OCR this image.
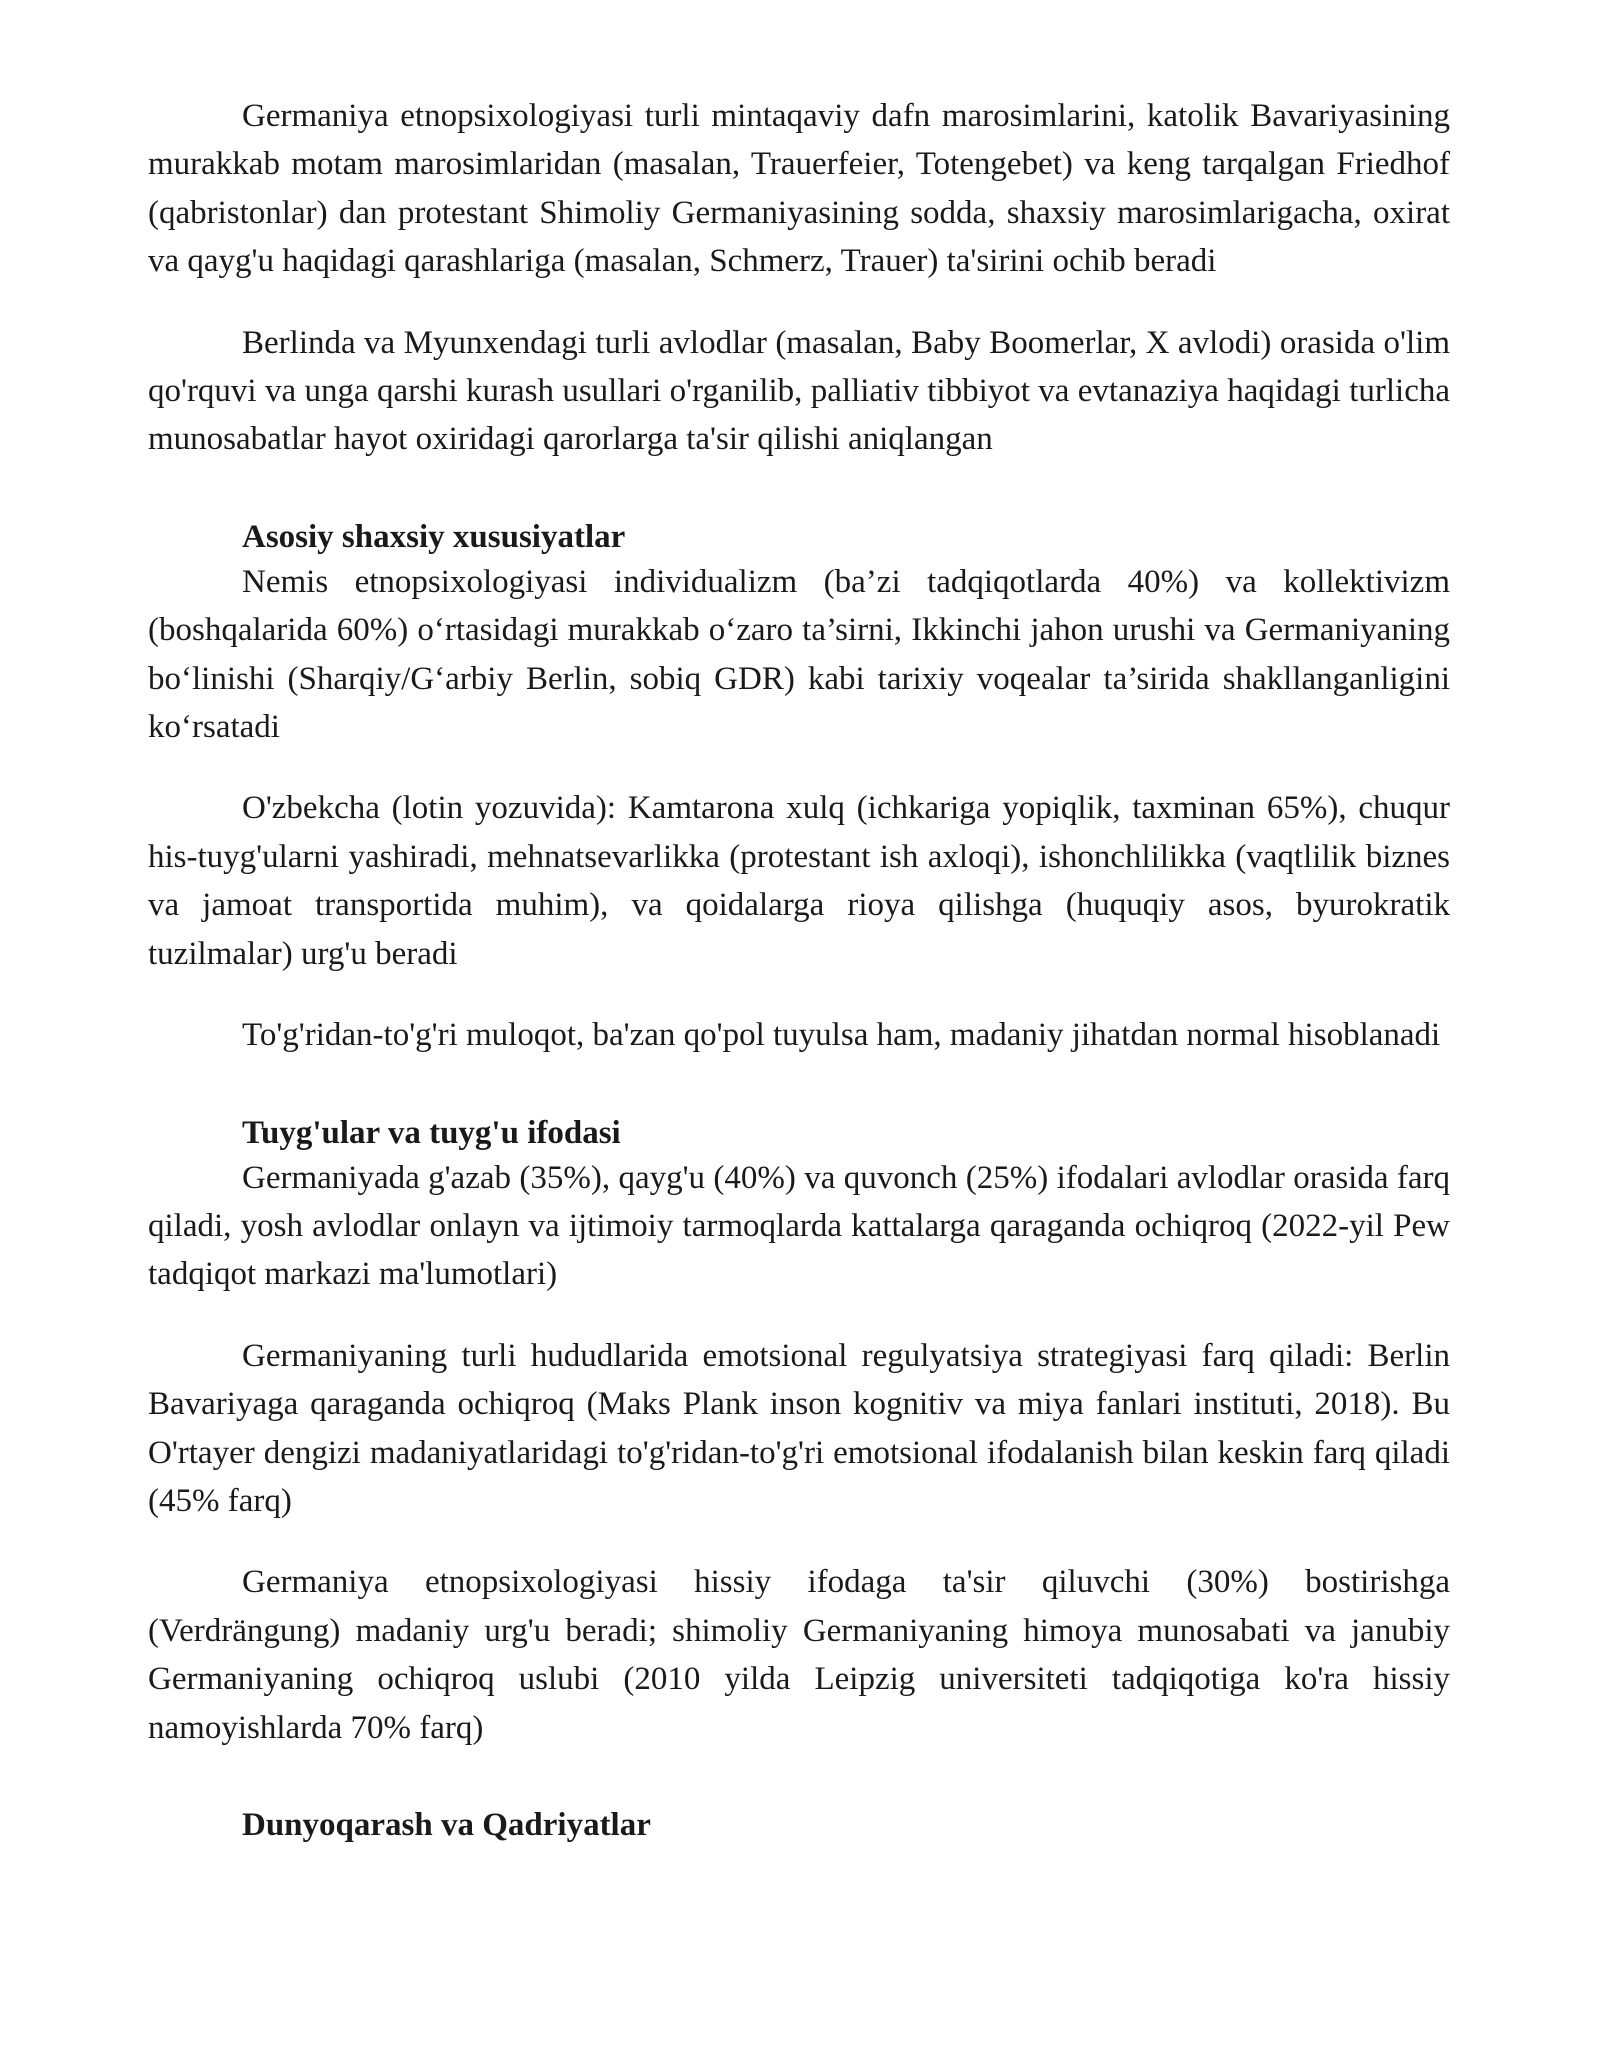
Germaniya etnopsixologiyasi turli mintaqaviy dafn marosimlarini, katolik Bavariyasining murakkab motam marosimlaridan (masalan, Trauerfeier, Totengebet) va keng tarqalgan Friedhof (qabristonlar) dan protestant Shimoliy Germaniyasining sodda, shaxsiy marosimlarigacha, oxirat va qayg'u haqidagi qarashlariga (masalan, Schmerz, Trauer) ta'sirini ochib beradi

Berlinda va Myunxendagi turli avlodlar (masalan, Baby Boomerlar, X avlodi) orasida o'lim qo'rquvi va unga qarshi kurash usullari o'rganilib, palliativ tibbiyot va evtanaziya haqidagi turlicha munosabatlar hayot oxiridagi qarorlarga ta'sir qilishi aniqlangan

Asosiy shaxsiy xususiyatlar

Nemis etnopsixologiyasi individualizm (ba’zi tadqiqotlarda 40%) va kollektivizm (boshqalarida 60%) o‘rtasidagi murakkab o‘zaro ta’sirni, Ikkinchi jahon urushi va Germaniyaning bo‘linishi (Sharqiy/G‘arbiy Berlin, sobiq GDR) kabi tarixiy voqealar ta’sirida shakllanganligini ko‘rsatadi

O'zbekcha (lotin yozuvida): Kamtarona xulq (ichkariga yopiqlik, taxminan 65%), chuqur his-tuyg'ularni yashiradi, mehnatsevarlikka (protestant ish axloqi), ishonchlilikka (vaqtlilik biznes va jamoat transportida muhim), va qoidalarga rioya qilishga (huquqiy asos, byurokratik tuzilmalar) urg'u beradi

To'g'ridan-to'g'ri muloqot, ba'zan qo'pol tuyulsa ham, madaniy jihatdan normal hisoblanadi

Tuyg'ular va tuyg'u ifodasi

Germaniyada g'azab (35%), qayg'u (40%) va quvonch (25%) ifodalari avlodlar orasida farq qiladi, yosh avlodlar onlayn va ijtimoiy tarmoqlarda kattalarga qaraganda ochiqroq (2022-yil Pew tadqiqot markazi ma'lumotlari)

Germaniyaning turli hududlarida emotsional regulyatsiya strategiyasi farq qiladi: Berlin Bavariyaga qaraganda ochiqroq (Maks Plank inson kognitiv va miya fanlari instituti, 2018). Bu O'rtayer dengizi madaniyatlaridagi to'g'ridan-to'g'ri emotsional ifodalanish bilan keskin farq qiladi (45% farq)

Germaniya etnopsixologiyasi hissiy ifodaga ta'sir qiluvchi (30%) bostirishga (Verdrängung) madaniy urg'u beradi; shimoliy Germaniyaning himoya munosabati va janubiy Germaniyaning ochiqroq uslubi (2010 yilda Leipzig universiteti tadqiqotiga ko'ra hissiy namoyishlarda 70% farq)

Dunyoqarash va Qadriyatlar
